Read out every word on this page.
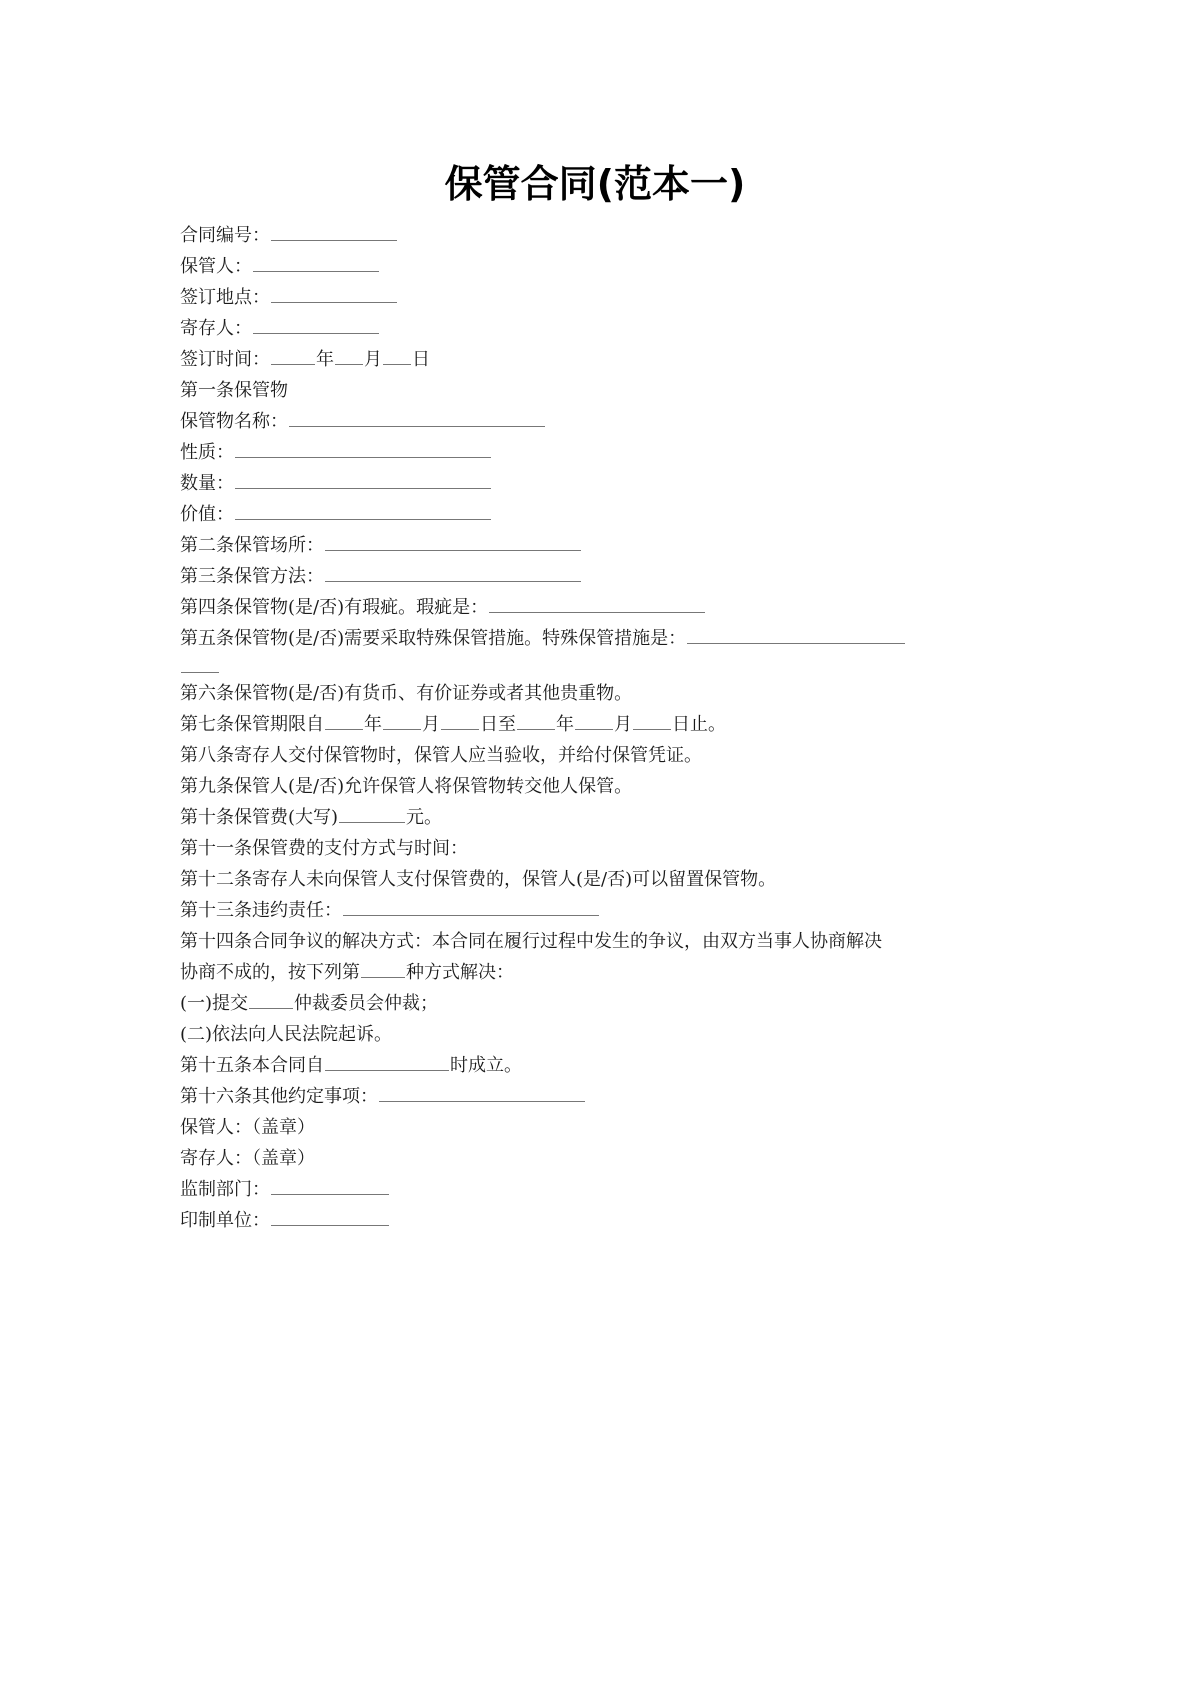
保管合同(范本一)
合同编号：
保管人：
签订地点：
寄存人：
签订时间：	年 月 日
第一条保管物
保管物名称：
性质：
数量：
价值：
第二条保管场所：
第三条保管方法：
第四条保管物(是/否)有瑕疵。瑕疵是：
第五条保管物(是/否)需要采取特殊保管措施。特殊保管措施是：
第六条保管物(是/否)有货币、有价证券或者其他贵重物。
第七条保管期限自 年 月 日至 年 月 日止。
第八条寄存人交付保管物时，保管人应当验收，并给付保管凭证。
第九条保管人(是/否)允许保管人将保管物转交他人保管。
第十条保管费(大写)	元。
第十一条保管费的支付方式与时间：
第十二条寄存人未向保管人支付保管费的，保管人(是/否)可以留置保管物。
第十三条违约责任：
第十四条合同争议的解决方式：本合同在履行过程中发生的争议，由双方当事人协商解决
协商不成的，按下列第	种方式解决：
(一)提交	仲裁委员会仲裁；
(二)依法向人民法院起诉。
第十五条本合同自	时成立。
第十六条其他约定事项：
保管人：（盖章）
寄存人：（盖章）
监制部门：
印制单位：
